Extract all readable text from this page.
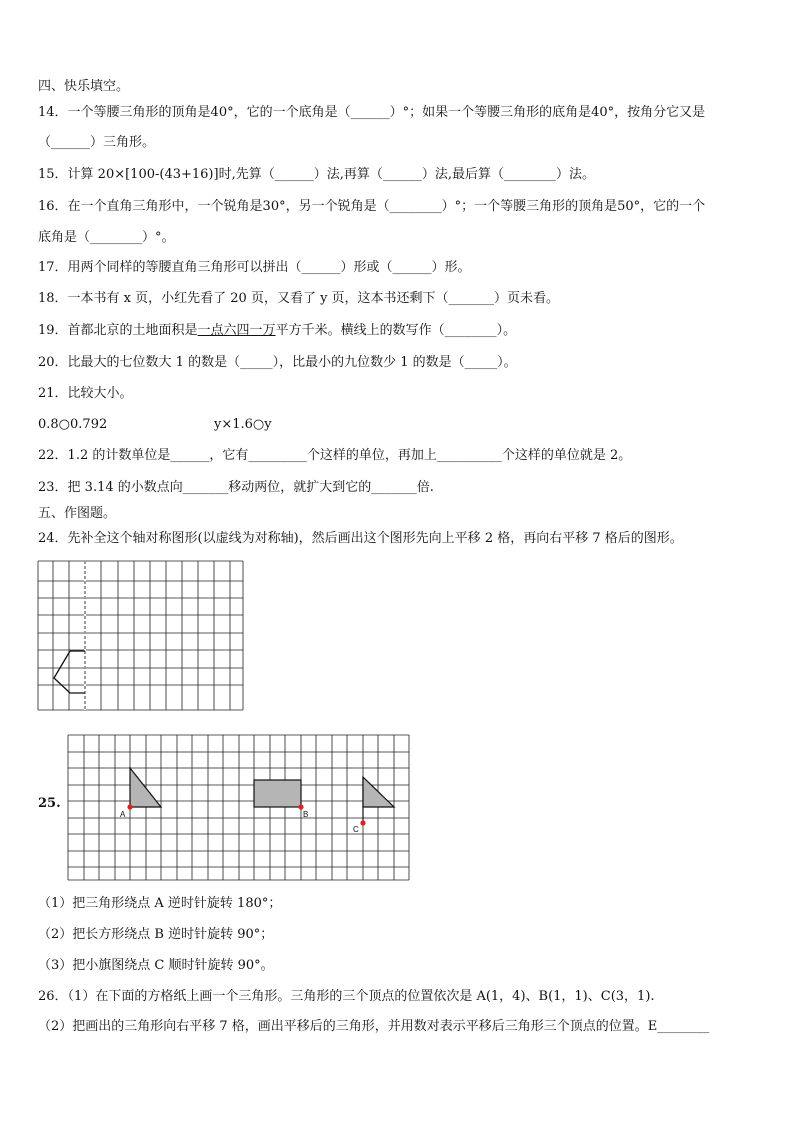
四、快乐填空。
14．一个等腰三角形的顶角是40°，它的一个底角是（______）°；如果一个等腰三角形的底角是40°，按角分它又是
（______）三角形。
15．计算 20×[100-(43+16)]时,先算（______）法,再算（______）法,最后算（________）法。
16．在一个直角三角形中，一个锐角是30°，另一个锐角是（________）°；一个等腰三角形的顶角是50°，它的一个
底角是（________）°。
17．用两个同样的等腰直角三角形可以拼出（______）形或（______）形。
18．一本书有 x 页，小红先看了 20 页，又看了 y 页，这本书还剩下（_______）页未看。
19．首都北京的土地面积是一点六四一万平方千米。横线上的数写作（________）。
20．比最大的七位数大 1 的数是（_____），比最小的九位数少 1 的数是（_____）。
21．比较大小。
0.8○0.792	y×1.6○y
22．1.2 的计数单位是______，它有_________个这样的单位，再加上__________个这样的单位就是 2。
23．把 3.14 的小数点向_______移动两位，就扩大到它的_______倍.
五、作图题。
24．先补全这个轴对称图形(以虚线为对称轴)，然后画出这个图形先向上平移 2 格，再向右平移 7 格后的图形。
25.
A	B
C
（1）把三角形绕点 A 逆时针旋转 180°；
（2）把长方形绕点 B 逆时针旋转 90°；
（3）把小旗图绕点 C 顺时针旋转 90°。
26．（1）在下面的方格纸上画一个三角形。三角形的三个顶点的位置依次是 A(1，4)、B(1，1)、C(3，1).
（2）把画出的三角形向右平移 7 格，画出平移后的三角形，并用数对表示平移后三角形三个顶点的位置。E________
